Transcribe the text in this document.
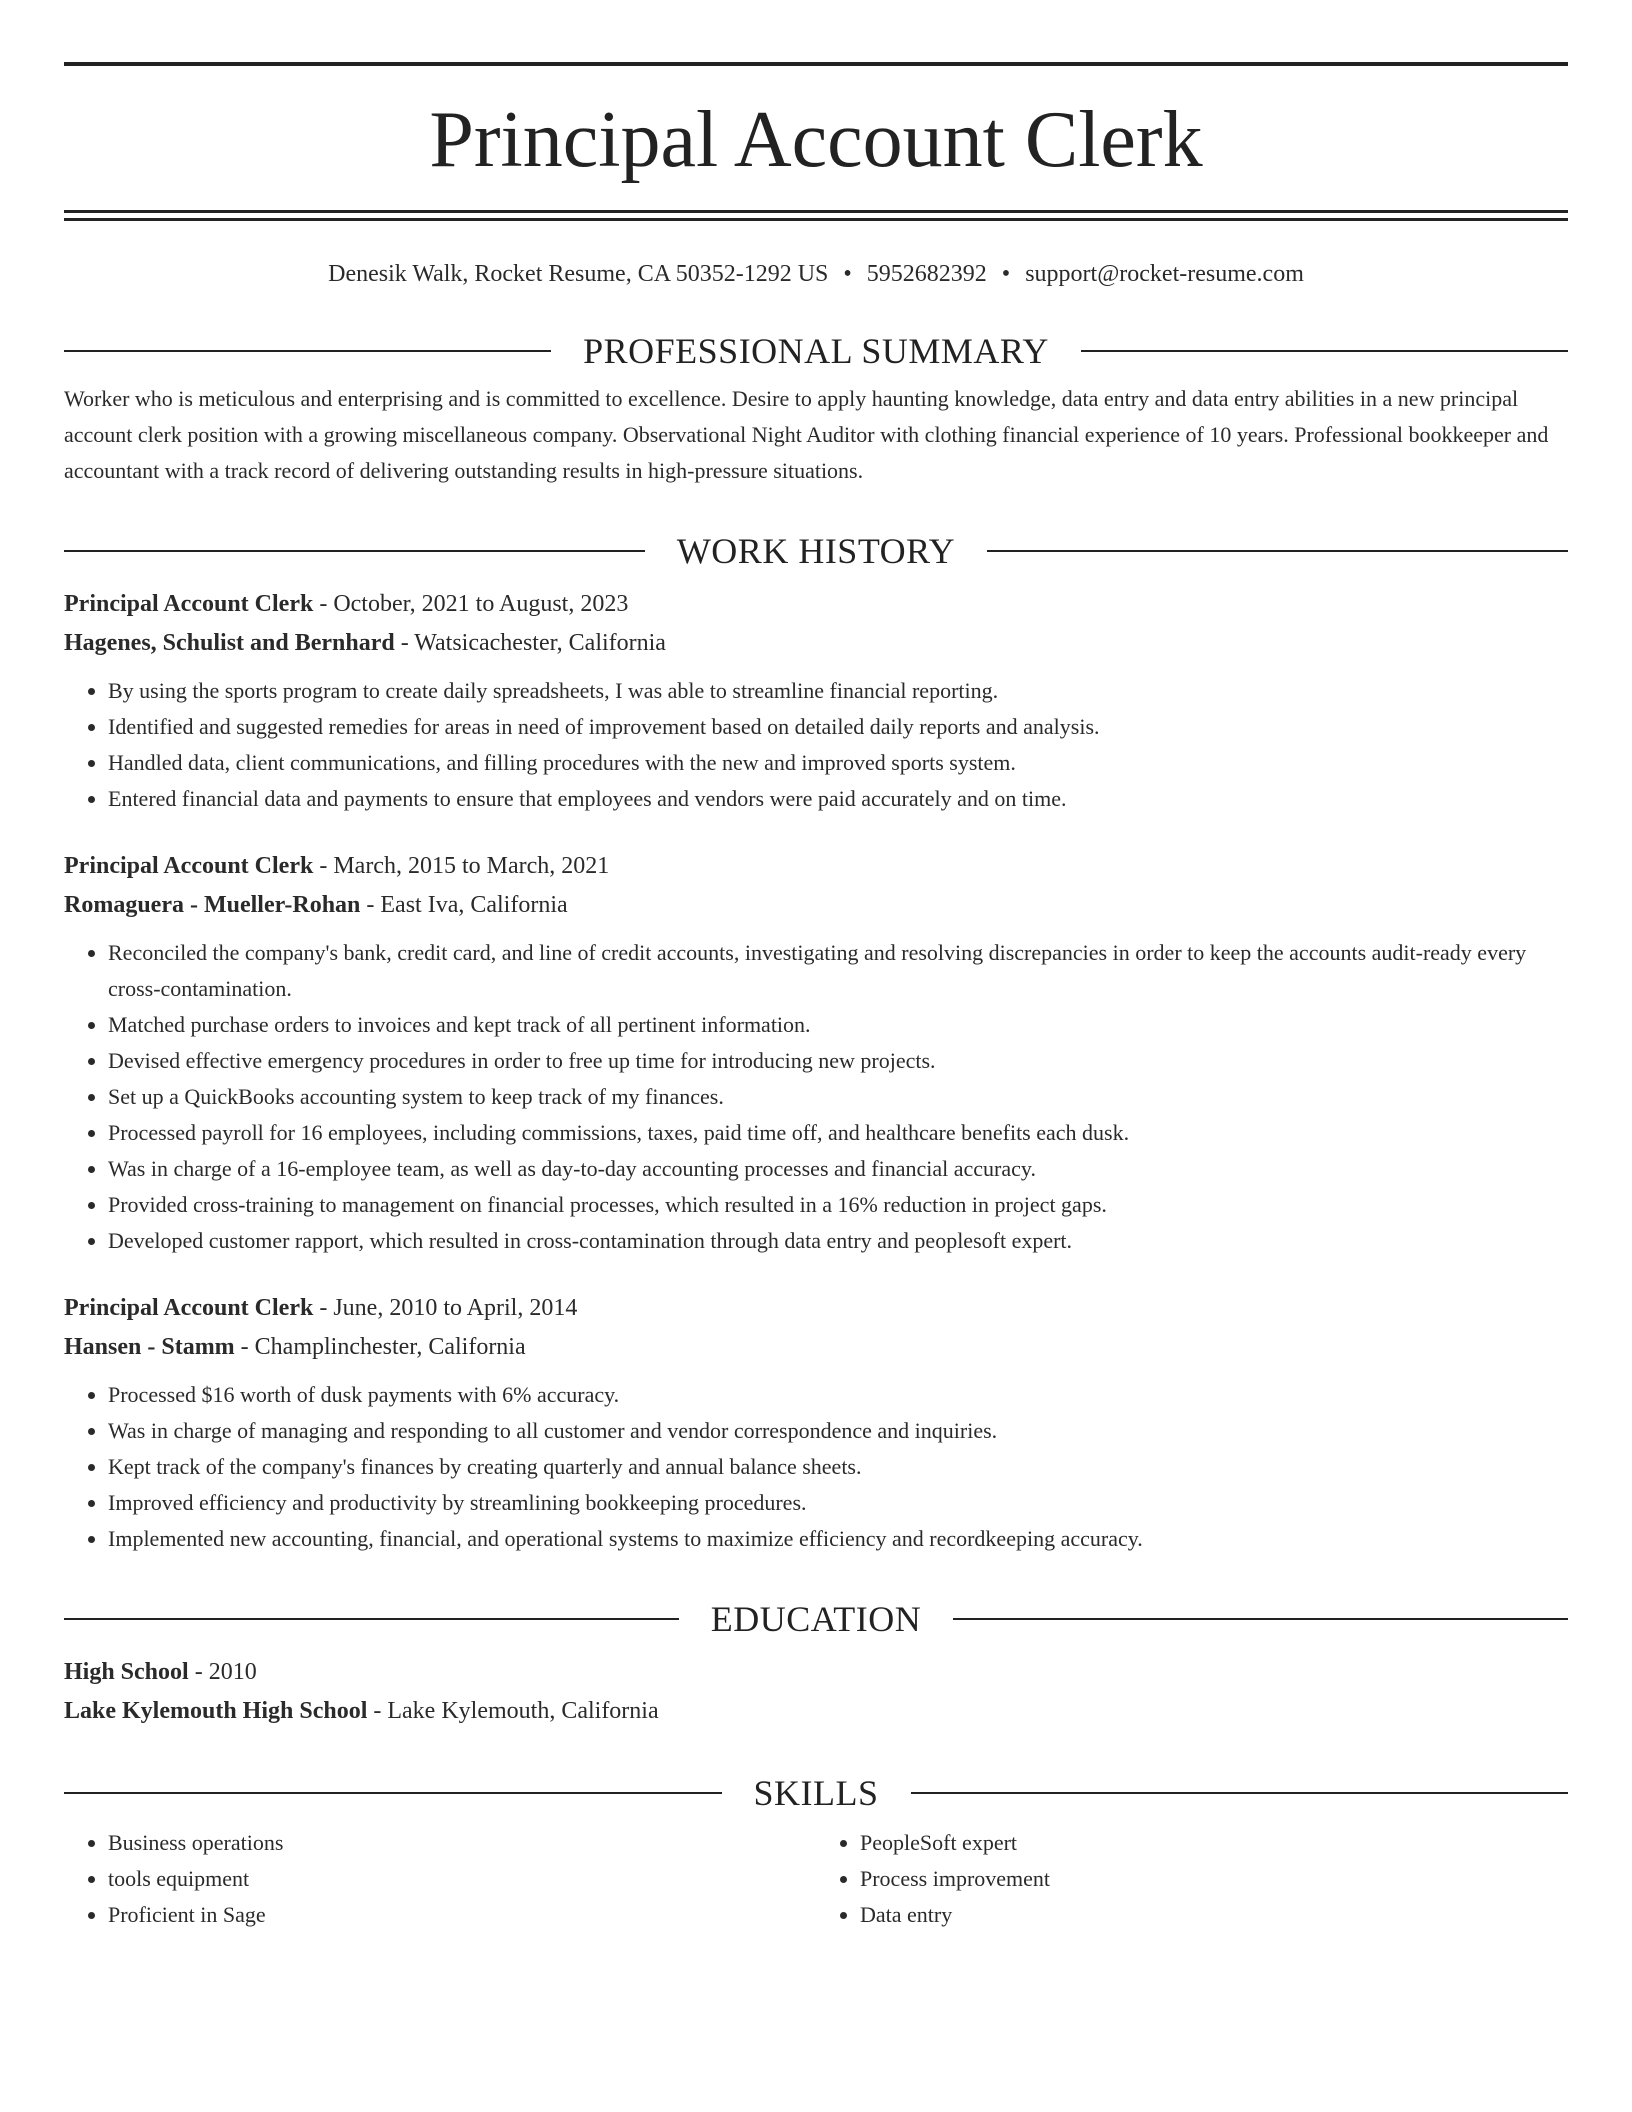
Principal Account Clerk
Denesik Walk, Rocket Resume, CA 50352-1292 US • 5952682392 • support@rocket-resume.com
PROFESSIONAL SUMMARY
Worker who is meticulous and enterprising and is committed to excellence. Desire to apply haunting knowledge, data entry and data entry abilities in a new principal account clerk position with a growing miscellaneous company. Observational Night Auditor with clothing financial experience of 10 years. Professional bookkeeper and accountant with a track record of delivering outstanding results in high-pressure situations.
WORK HISTORY
Principal Account Clerk - October, 2021 to August, 2023
Hagenes, Schulist and Bernhard - Watsicachester, California
• By using the sports program to create daily spreadsheets, I was able to streamline financial reporting.
• Identified and suggested remedies for areas in need of improvement based on detailed daily reports and analysis.
• Handled data, client communications, and filling procedures with the new and improved sports system.
• Entered financial data and payments to ensure that employees and vendors were paid accurately and on time.
Principal Account Clerk - March, 2015 to March, 2021
Romaguera - Mueller-Rohan - East Iva, California
• Reconciled the company's bank, credit card, and line of credit accounts, investigating and resolving discrepancies in order to keep the accounts audit-ready every cross-contamination.
• Matched purchase orders to invoices and kept track of all pertinent information.
• Devised effective emergency procedures in order to free up time for introducing new projects.
• Set up a QuickBooks accounting system to keep track of my finances.
• Processed payroll for 16 employees, including commissions, taxes, paid time off, and healthcare benefits each dusk.
• Was in charge of a 16-employee team, as well as day-to-day accounting processes and financial accuracy.
• Provided cross-training to management on financial processes, which resulted in a 16% reduction in project gaps.
• Developed customer rapport, which resulted in cross-contamination through data entry and peoplesoft expert.
Principal Account Clerk - June, 2010 to April, 2014
Hansen - Stamm - Champlinchester, California
• Processed $16 worth of dusk payments with 6% accuracy.
• Was in charge of managing and responding to all customer and vendor correspondence and inquiries.
• Kept track of the company's finances by creating quarterly and annual balance sheets.
• Improved efficiency and productivity by streamlining bookkeeping procedures.
• Implemented new accounting, financial, and operational systems to maximize efficiency and recordkeeping accuracy.
EDUCATION
High School - 2010
Lake Kylemouth High School - Lake Kylemouth, California
SKILLS
• Business operations
• tools equipment
• Proficient in Sage
• PeopleSoft expert
• Process improvement
• Data entry
